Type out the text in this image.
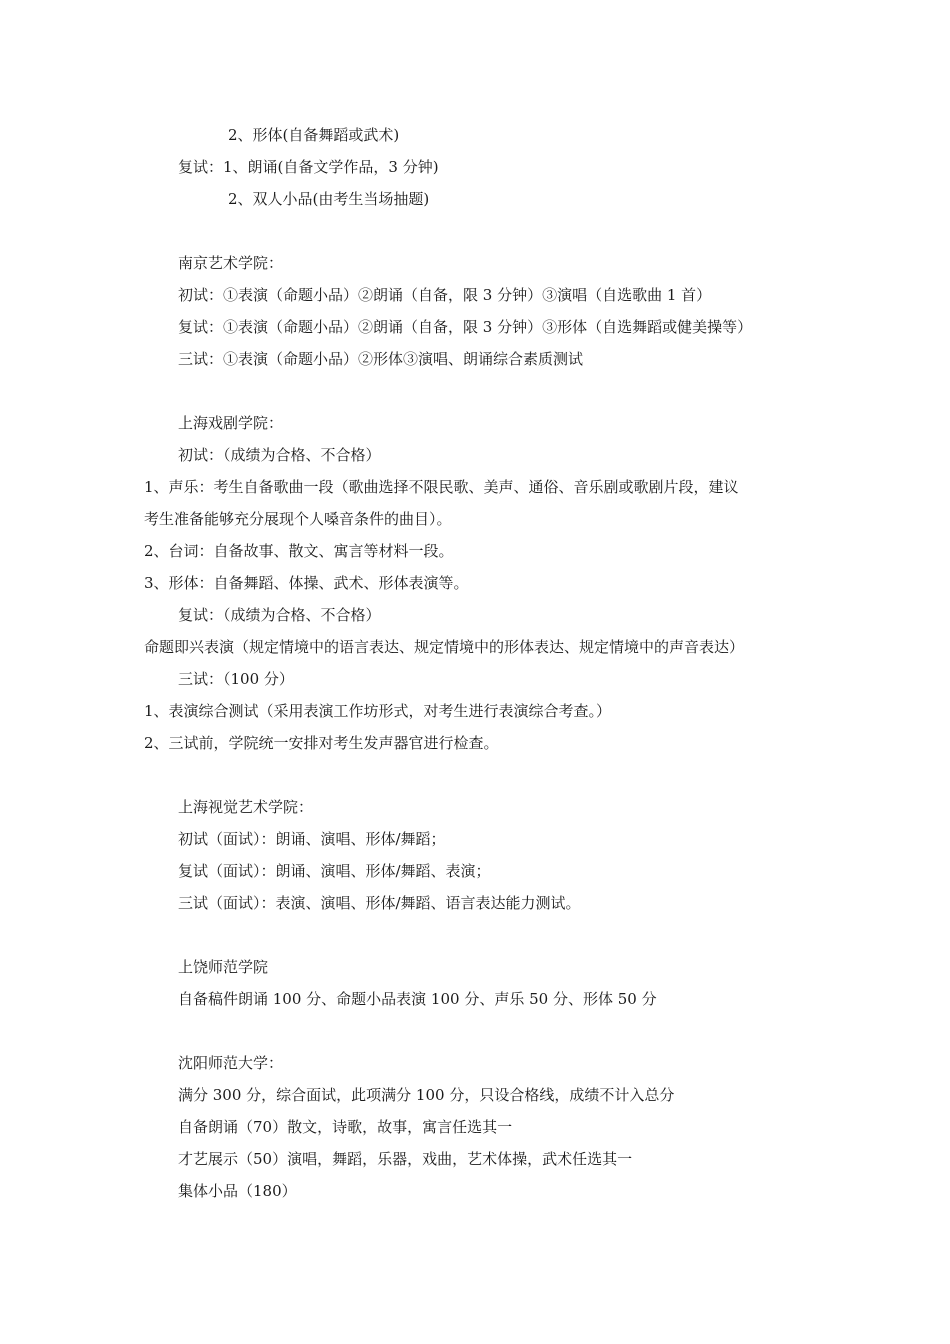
2、形体(自备舞蹈或武术)
复试：1、朗诵(自备文学作品，3 分钟)
2、双人小品(由考生当场抽题)
南京艺术学院：
初试：①表演（命题小品）②朗诵（自备，限 3 分钟）③演唱（自选歌曲 1 首）
复试：①表演（命题小品）②朗诵（自备，限 3 分钟）③形体（自选舞蹈或健美操等）
三试：①表演（命题小品）②形体③演唱、朗诵综合素质测试
上海戏剧学院：
初试：（成绩为合格、不合格）
1、声乐：考生自备歌曲一段（歌曲选择不限民歌、美声、通俗、音乐剧或歌剧片段，建议
考生准备能够充分展现个人嗓音条件的曲目）。
2、台词：自备故事、散文、寓言等材料一段。
3、形体：自备舞蹈、体操、武术、形体表演等。
复试：（成绩为合格、不合格）
命题即兴表演（规定情境中的语言表达、规定情境中的形体表达、规定情境中的声音表达）
三试：（100 分）
1、表演综合测试（采用表演工作坊形式，对考生进行表演综合考查。）
2、三试前，学院统一安排对考生发声器官进行检查。
上海视觉艺术学院：
初试（面试）：朗诵、演唱、形体/舞蹈；
复试（面试）：朗诵、演唱、形体/舞蹈、表演；
三试（面试）：表演、演唱、形体/舞蹈、语言表达能力测试。
上饶师范学院
自备稿件朗诵 100 分、命题小品表演 100 分、声乐 50 分、形体 50 分
沈阳师范大学：
满分 300 分，综合面试，此项满分 100 分，只设合格线，成绩不计入总分
自备朗诵（70）散文，诗歌，故事，寓言任选其一
才艺展示（50）演唱，舞蹈，乐器，戏曲，艺术体操，武术任选其一
集体小品（180）
